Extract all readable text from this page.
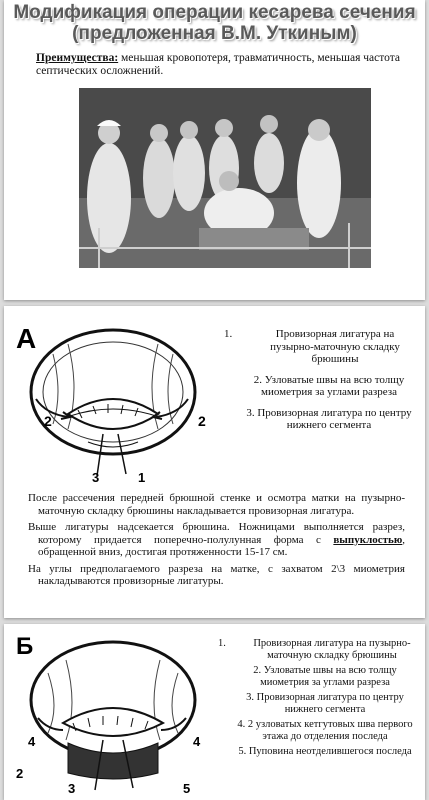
Модификация операции кесарева сечения
(предложенная В.М. Уткиным)
Преимущества: меньшая кровопотеря, травматичность, меньшая частота септических осложнений.
А
2	2
3	1
1.	Провизорная лигатура на пузырно-маточную складку брюшины
2. Узловатые швы на всю толщу миометрия за углами разреза
3. Провизорная лигатура по центру нижнего сегмента

После рассечения передней брюшной стенке и осмотра матки на пузырно-маточную складку брюшины накладывается провизорная лигатура.

Выше лигатуры надсекается брюшина. Ножницами выполняется разрез, которому придается поперечно-полулунная форма с выпуклостью, обращенной вниз, достигая протяженности 15-17 см.

На углы предполагаемого разреза на матке, с захватом 2\3 миометрия накладываются провизорные лигатуры.

Б
4	4
2
3	5
1.	Провизорная лигатура на пузырно-маточную складку брюшины
2. Узловатые швы на всю толщу миометрия за углами разреза
3. Провизорная лигатура по центру нижнего сегмента
4. 2 узловатых кетгутовых шва первого этажа до отделения последа
5. Пуповина неотделившегося последа
